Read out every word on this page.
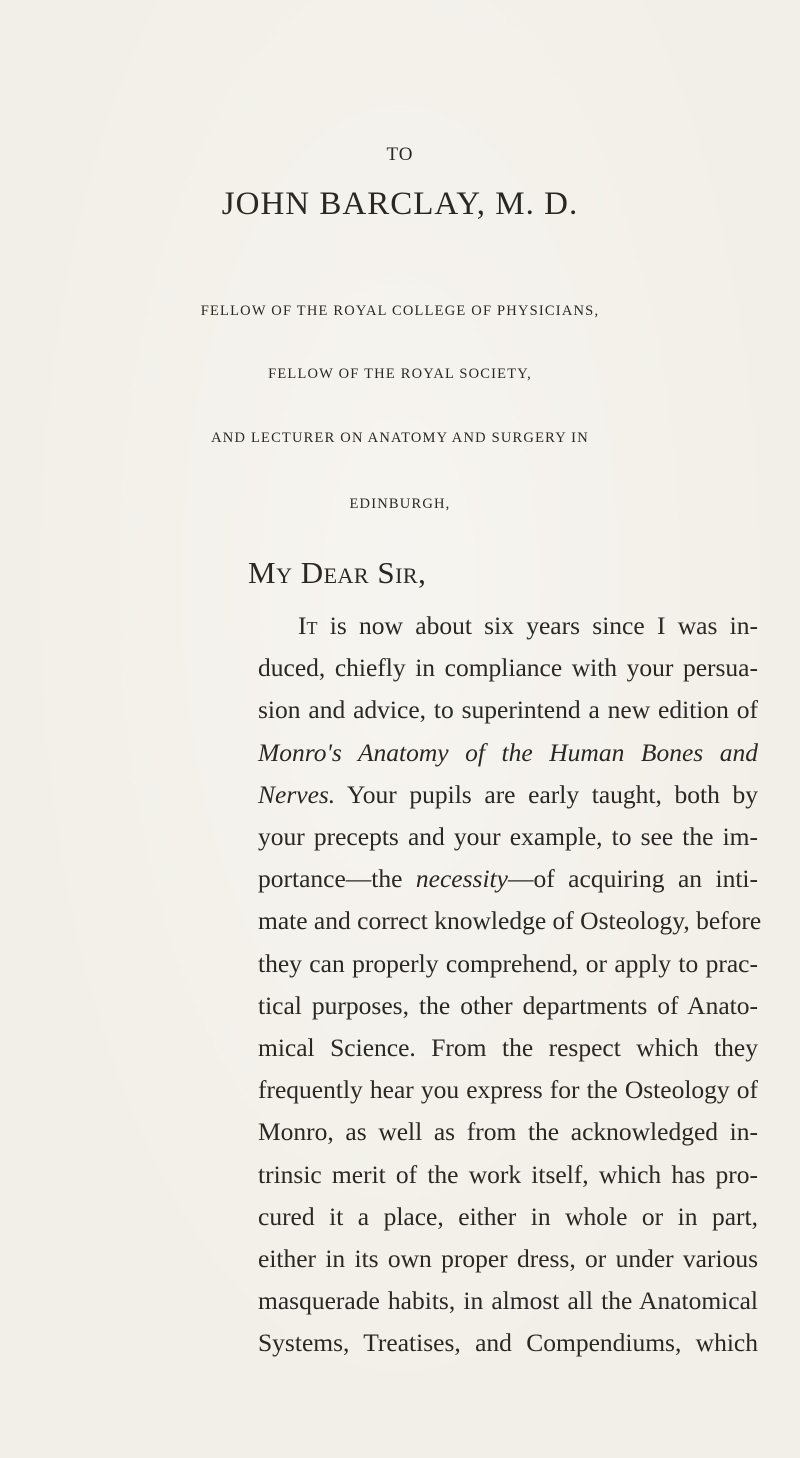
TO
JOHN BARCLAY, M. D.
FELLOW OF THE ROYAL COLLEGE OF PHYSICIANS,
FELLOW OF THE ROYAL SOCIETY,
AND LECTURER ON ANATOMY AND SURGERY IN
EDINBURGH,
My Dear Sir,
It is now about six years since I was in-
duced, chiefly in compliance with your persua-
sion and advice, to superintend a new edition of
Monro's Anatomy of the Human Bones and
Nerves. Your pupils are early taught, both by
your precepts and your example, to see the im-
portance—the necessity—of acquiring an inti-
mate and correct knowledge of Osteology, before
they can properly comprehend, or apply to prac-
tical purposes, the other departments of Anato-
mical Science. From the respect which they
frequently hear you express for the Osteology of
Monro, as well as from the acknowledged in-
trinsic merit of the work itself, which has pro-
cured it a place, either in whole or in part,
either in its own proper dress, or under various
masquerade habits, in almost all the Anatomical
Systems, Treatises, and Compendiums, which
